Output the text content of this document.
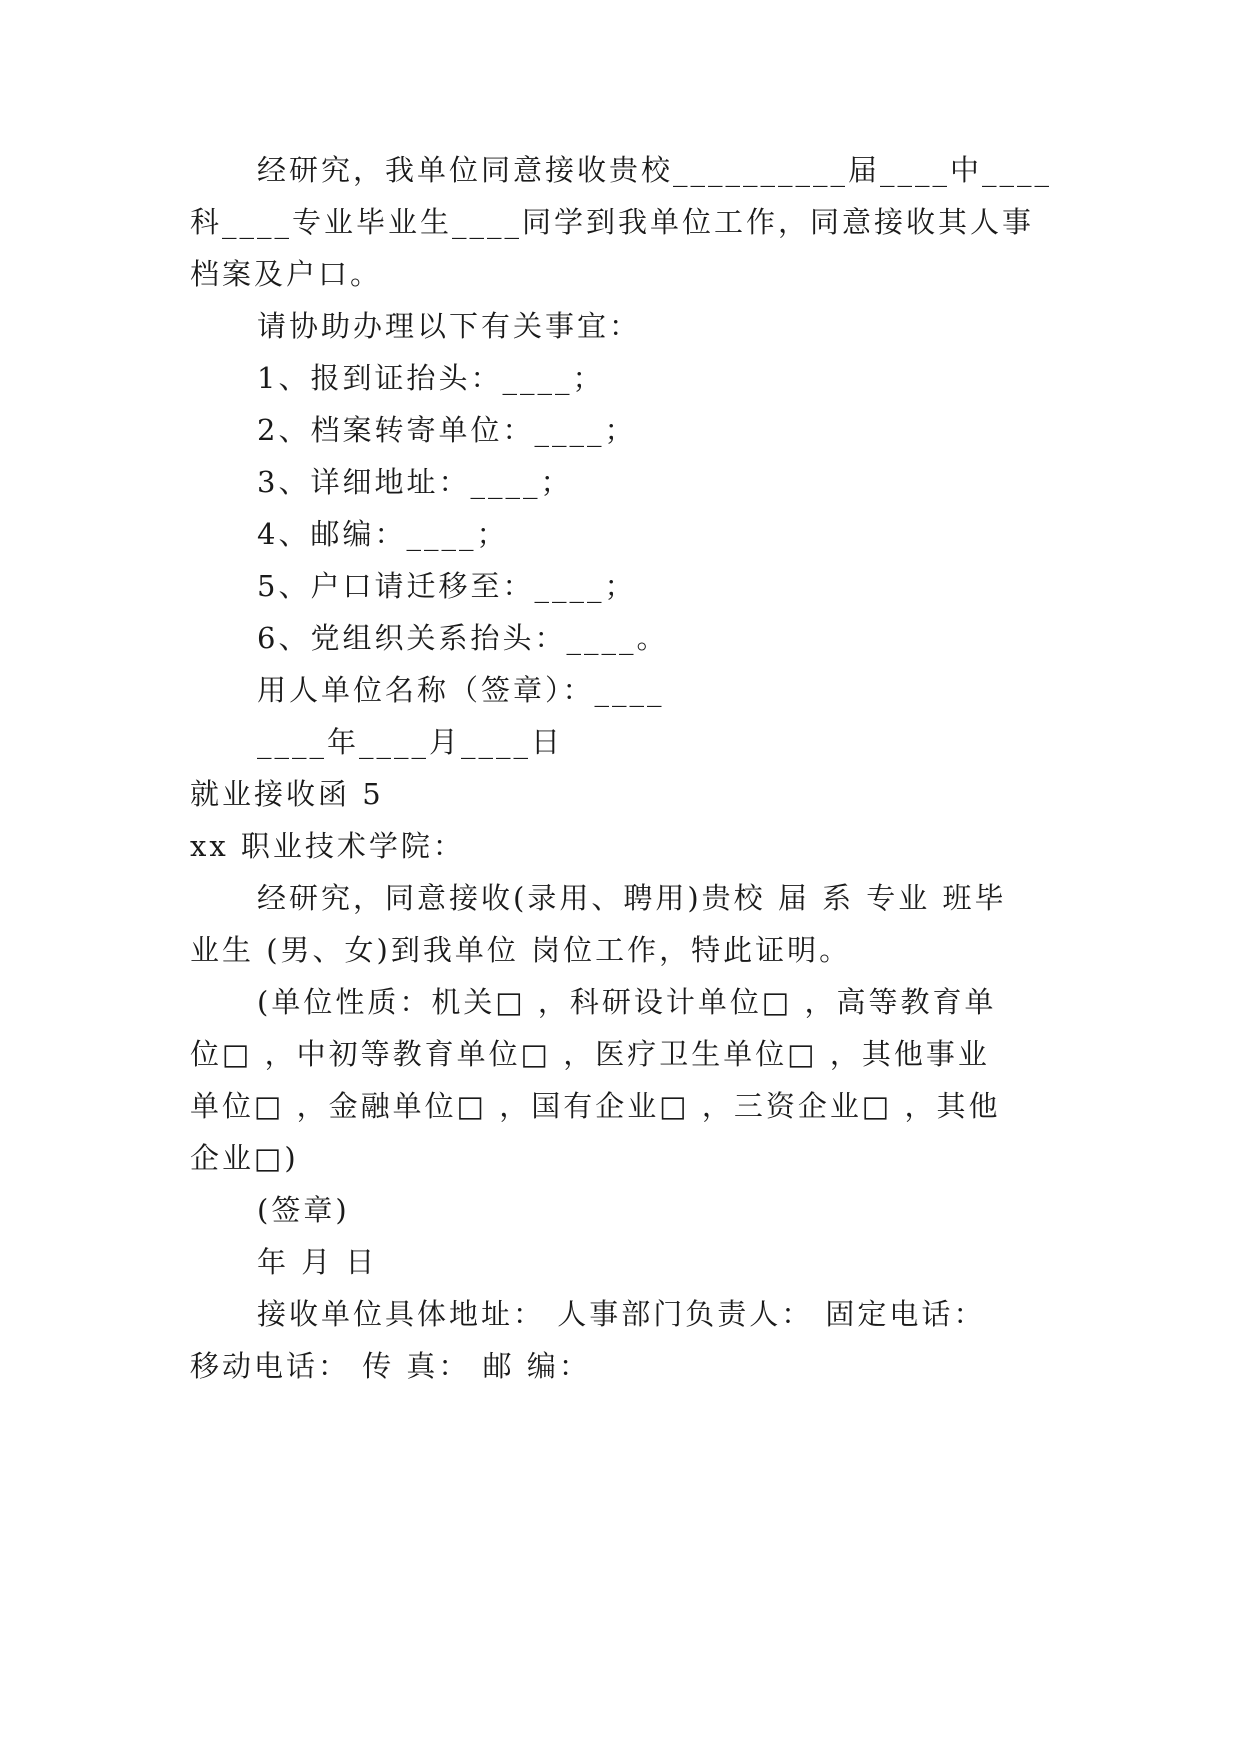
经研究，我单位同意接收贵校__________届____中____
科____专业毕业生____同学到我单位工作，同意接收其人事
档案及户口。
请协助办理以下有关事宜：
1、报到证抬头：____；
2、档案转寄单位：____；
3、详细地址：____；
4、邮编：____；
5、户口请迁移至：____；
6、党组织关系抬头：____。
用人单位名称（签章）：____
____年____月____日
就业接收函 5
xx 职业技术学院：
经研究，同意接收(录用、聘用)贵校 届 系 专业 班毕
业生 (男、女)到我单位 岗位工作，特此证明。
(单位性质：机关□ ，科研设计单位□ ，高等教育单
位□ ，中初等教育单位□ ，医疗卫生单位□ ，其他事业
单位□ ，金融单位□ ，国有企业□ ，三资企业□ ，其他
企业□)
(签章)
年 月 日
接收单位具体地址： 人事部门负责人： 固定电话：
移动电话： 传 真： 邮 编：
